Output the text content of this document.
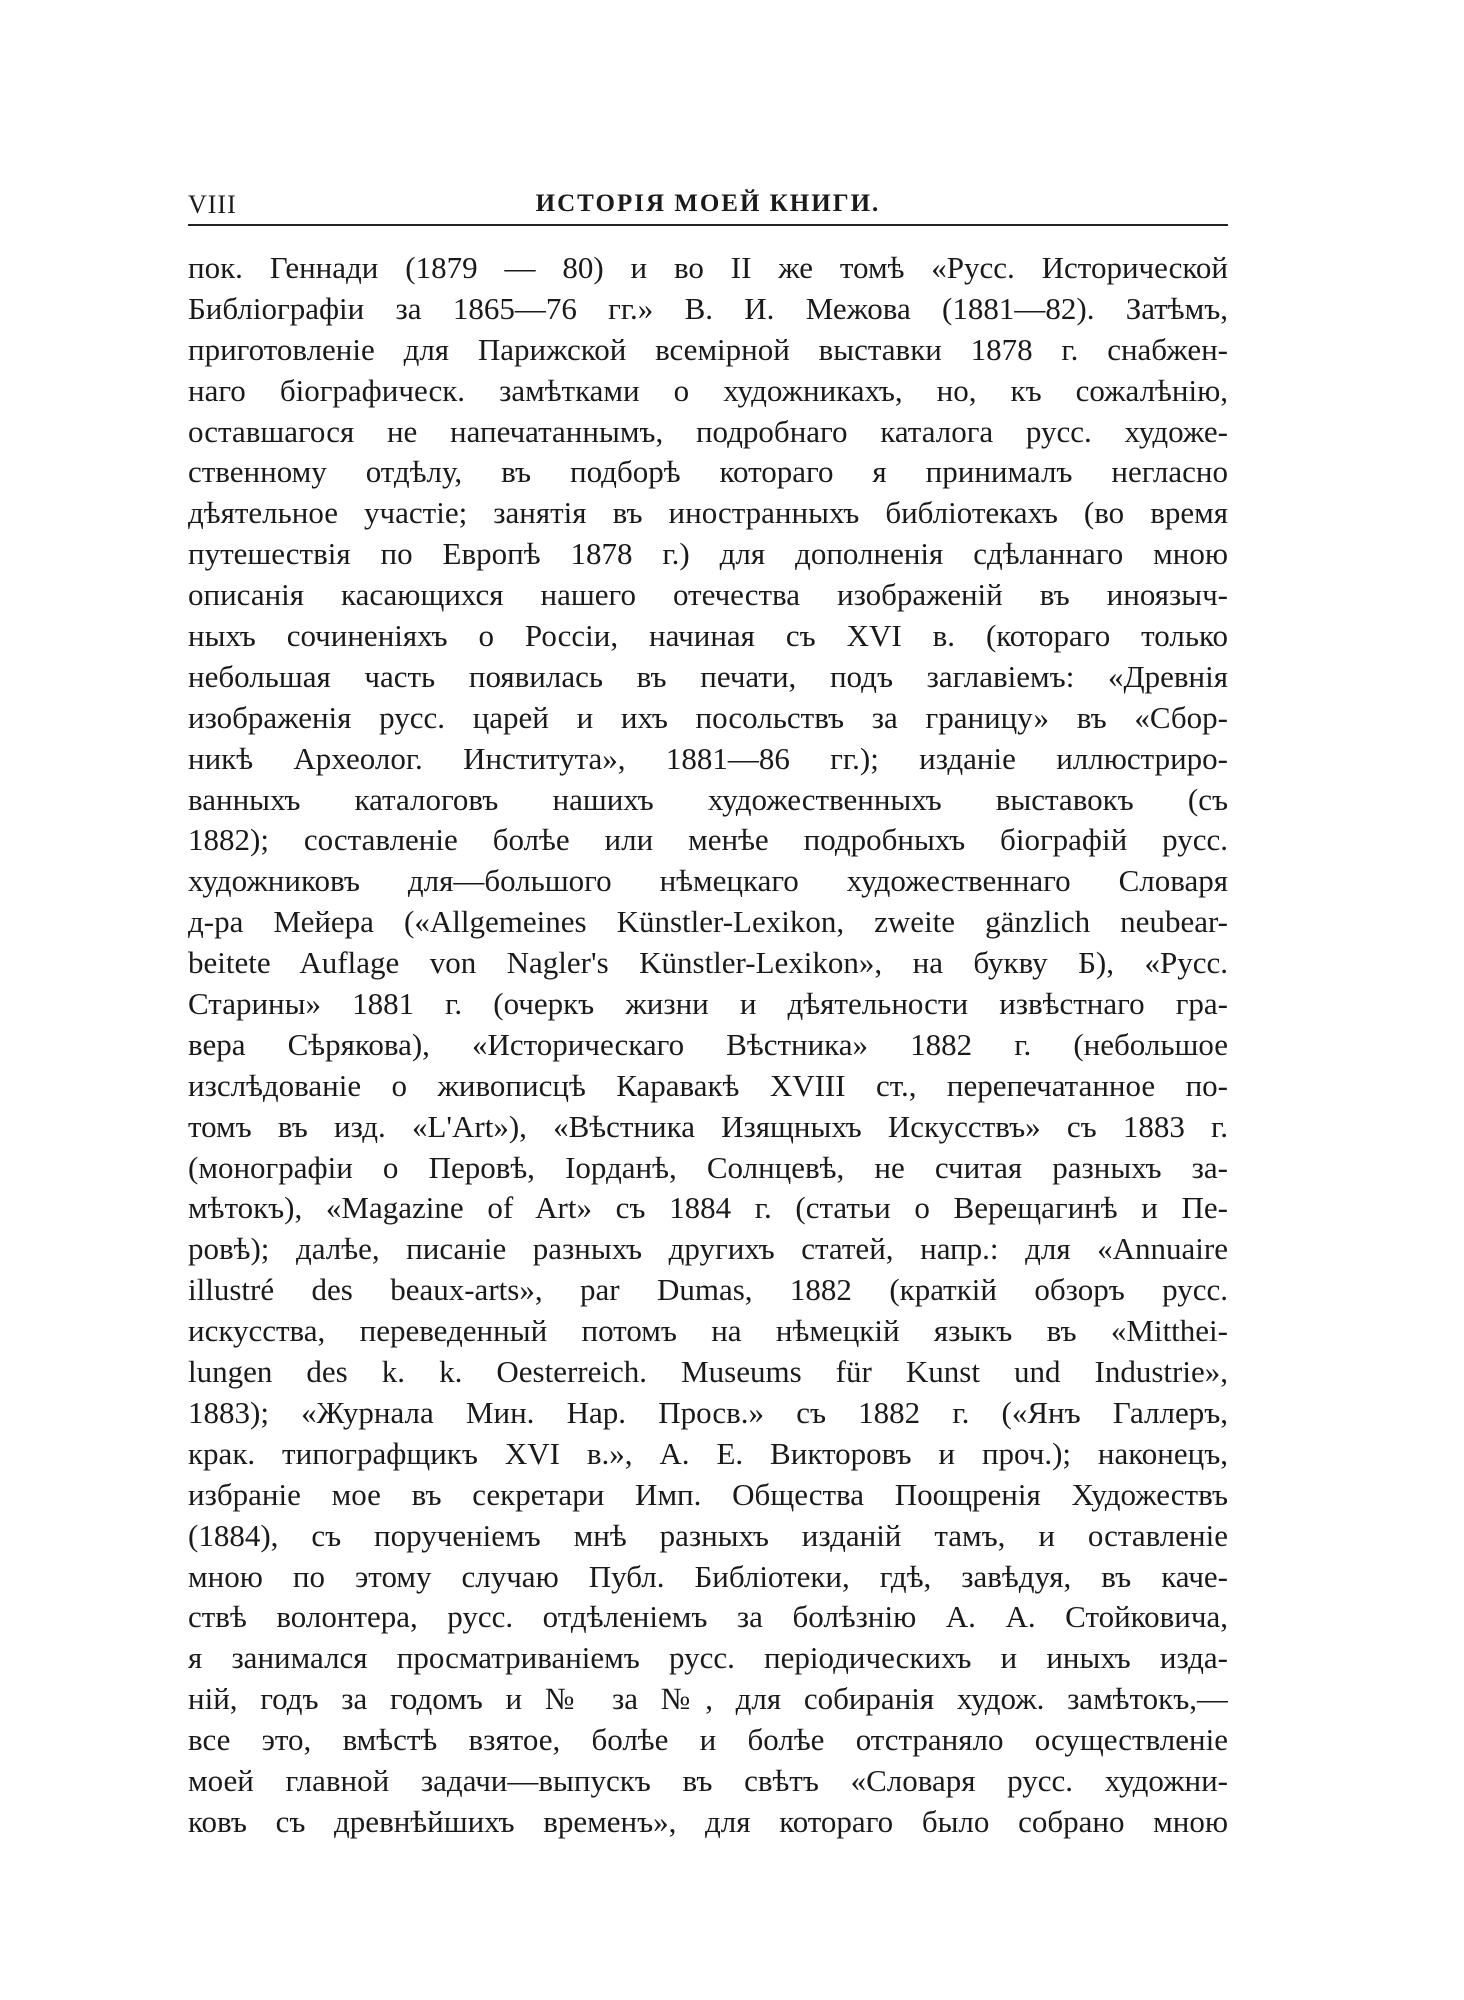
VIII	ИСТОРІЯ МОЕЙ КНИГИ.
пок. Геннади (1879 — 80) и во II же томѣ «Русс. Исторической
Библіографіи за 1865—76 гг.» В. И. Межова (1881—82). Затѣмъ,
приготовленіе для Парижской всемірной выставки 1878 г. снабжен-
наго біографическ. замѣтками о художникахъ, но, къ сожалѣнію,
оставшагося не напечатаннымъ, подробнаго каталога русс. художе-
ственному отдѣлу, въ подборѣ котораго я принималъ негласно
дѣятельное участіе; занятія въ иностранныхъ библіотекахъ (во время
путешествія по Европѣ 1878 г.) для дополненія сдѣланнаго мною
описанія касающихся нашего отечества изображеній въ иноязыч-
ныхъ сочиненіяхъ о Россіи, начиная съ XVI в. (котораго только
небольшая часть появилась въ печати, подъ заглавіемъ: «Древнія
изображенія русс. царей и ихъ посольствъ за границу» въ «Сбор-
никѣ Археолог. Института», 1881—86 гг.); изданіе иллюстриро-
ванныхъ каталоговъ нашихъ художественныхъ выставокъ (съ
1882); составленіе болѣе или менѣе подробныхъ біографій русс.
художниковъ для—большого нѣмецкаго художественнаго Словаря
д-ра Мейера («Allgemeines Künstler-Lexikon, zweite gänzlich neubear-
beitete Auflage von Nagler's Künstler-Lexikon», на букву Б), «Русс.
Старины» 1881 г. (очеркъ жизни и дѣятельности извѣстнаго гра-
вера Сѣрякова), «Историческаго Вѣстника» 1882 г. (небольшое
изслѣдованіе о живописцѣ Каравакѣ XVIII ст., перепечатанное по-
томъ въ изд. «L'Art»), «Вѣстника Изящныхъ Искусствъ» съ 1883 г.
(монографіи о Перовѣ, Іорданѣ, Солнцевѣ, не считая разныхъ за-
мѣтокъ), «Magazine of Art» съ 1884 г. (статьи о Верещагинѣ и Пе-
ровѣ); далѣе, писаніе разныхъ другихъ статей, напр.: для «Annuaire
illustré des beaux-arts», par Dumas, 1882 (краткій обзоръ русс.
искусства, переведенный потомъ на нѣмецкій языкъ въ «Mitthei-
lungen des k. k. Oesterreich. Museums für Kunst und Industrie»,
1883); «Журнала Мин. Нар. Просв.» съ 1882 г. («Янъ Галлеръ,
крак. типографщикъ XVI в.», А. Е. Викторовъ и проч.); наконецъ,
избраніе мое въ секретари Имп. Общества Поощренія Художествъ
(1884), съ порученіемъ мнѣ разныхъ изданій тамъ, и оставленіе
мною по этому случаю Публ. Библіотеки, гдѣ, завѣдуя, въ каче-
ствѣ волонтера, русс. отдѣленіемъ за болѣзнію А. А. Стойковича,
я занимался просматриваніемъ русс. періодическихъ и иныхъ изда-
ній, годъ за годомъ и № за №, для собиранія худож. замѣтокъ,—
все это, вмѣстѣ взятое, болѣе и болѣе отстраняло осуществленіе
моей главной задачи—выпускъ въ свѣтъ «Словаря русс. художни-
ковъ съ древнѣйшихъ временъ», для котораго было собрано мною
